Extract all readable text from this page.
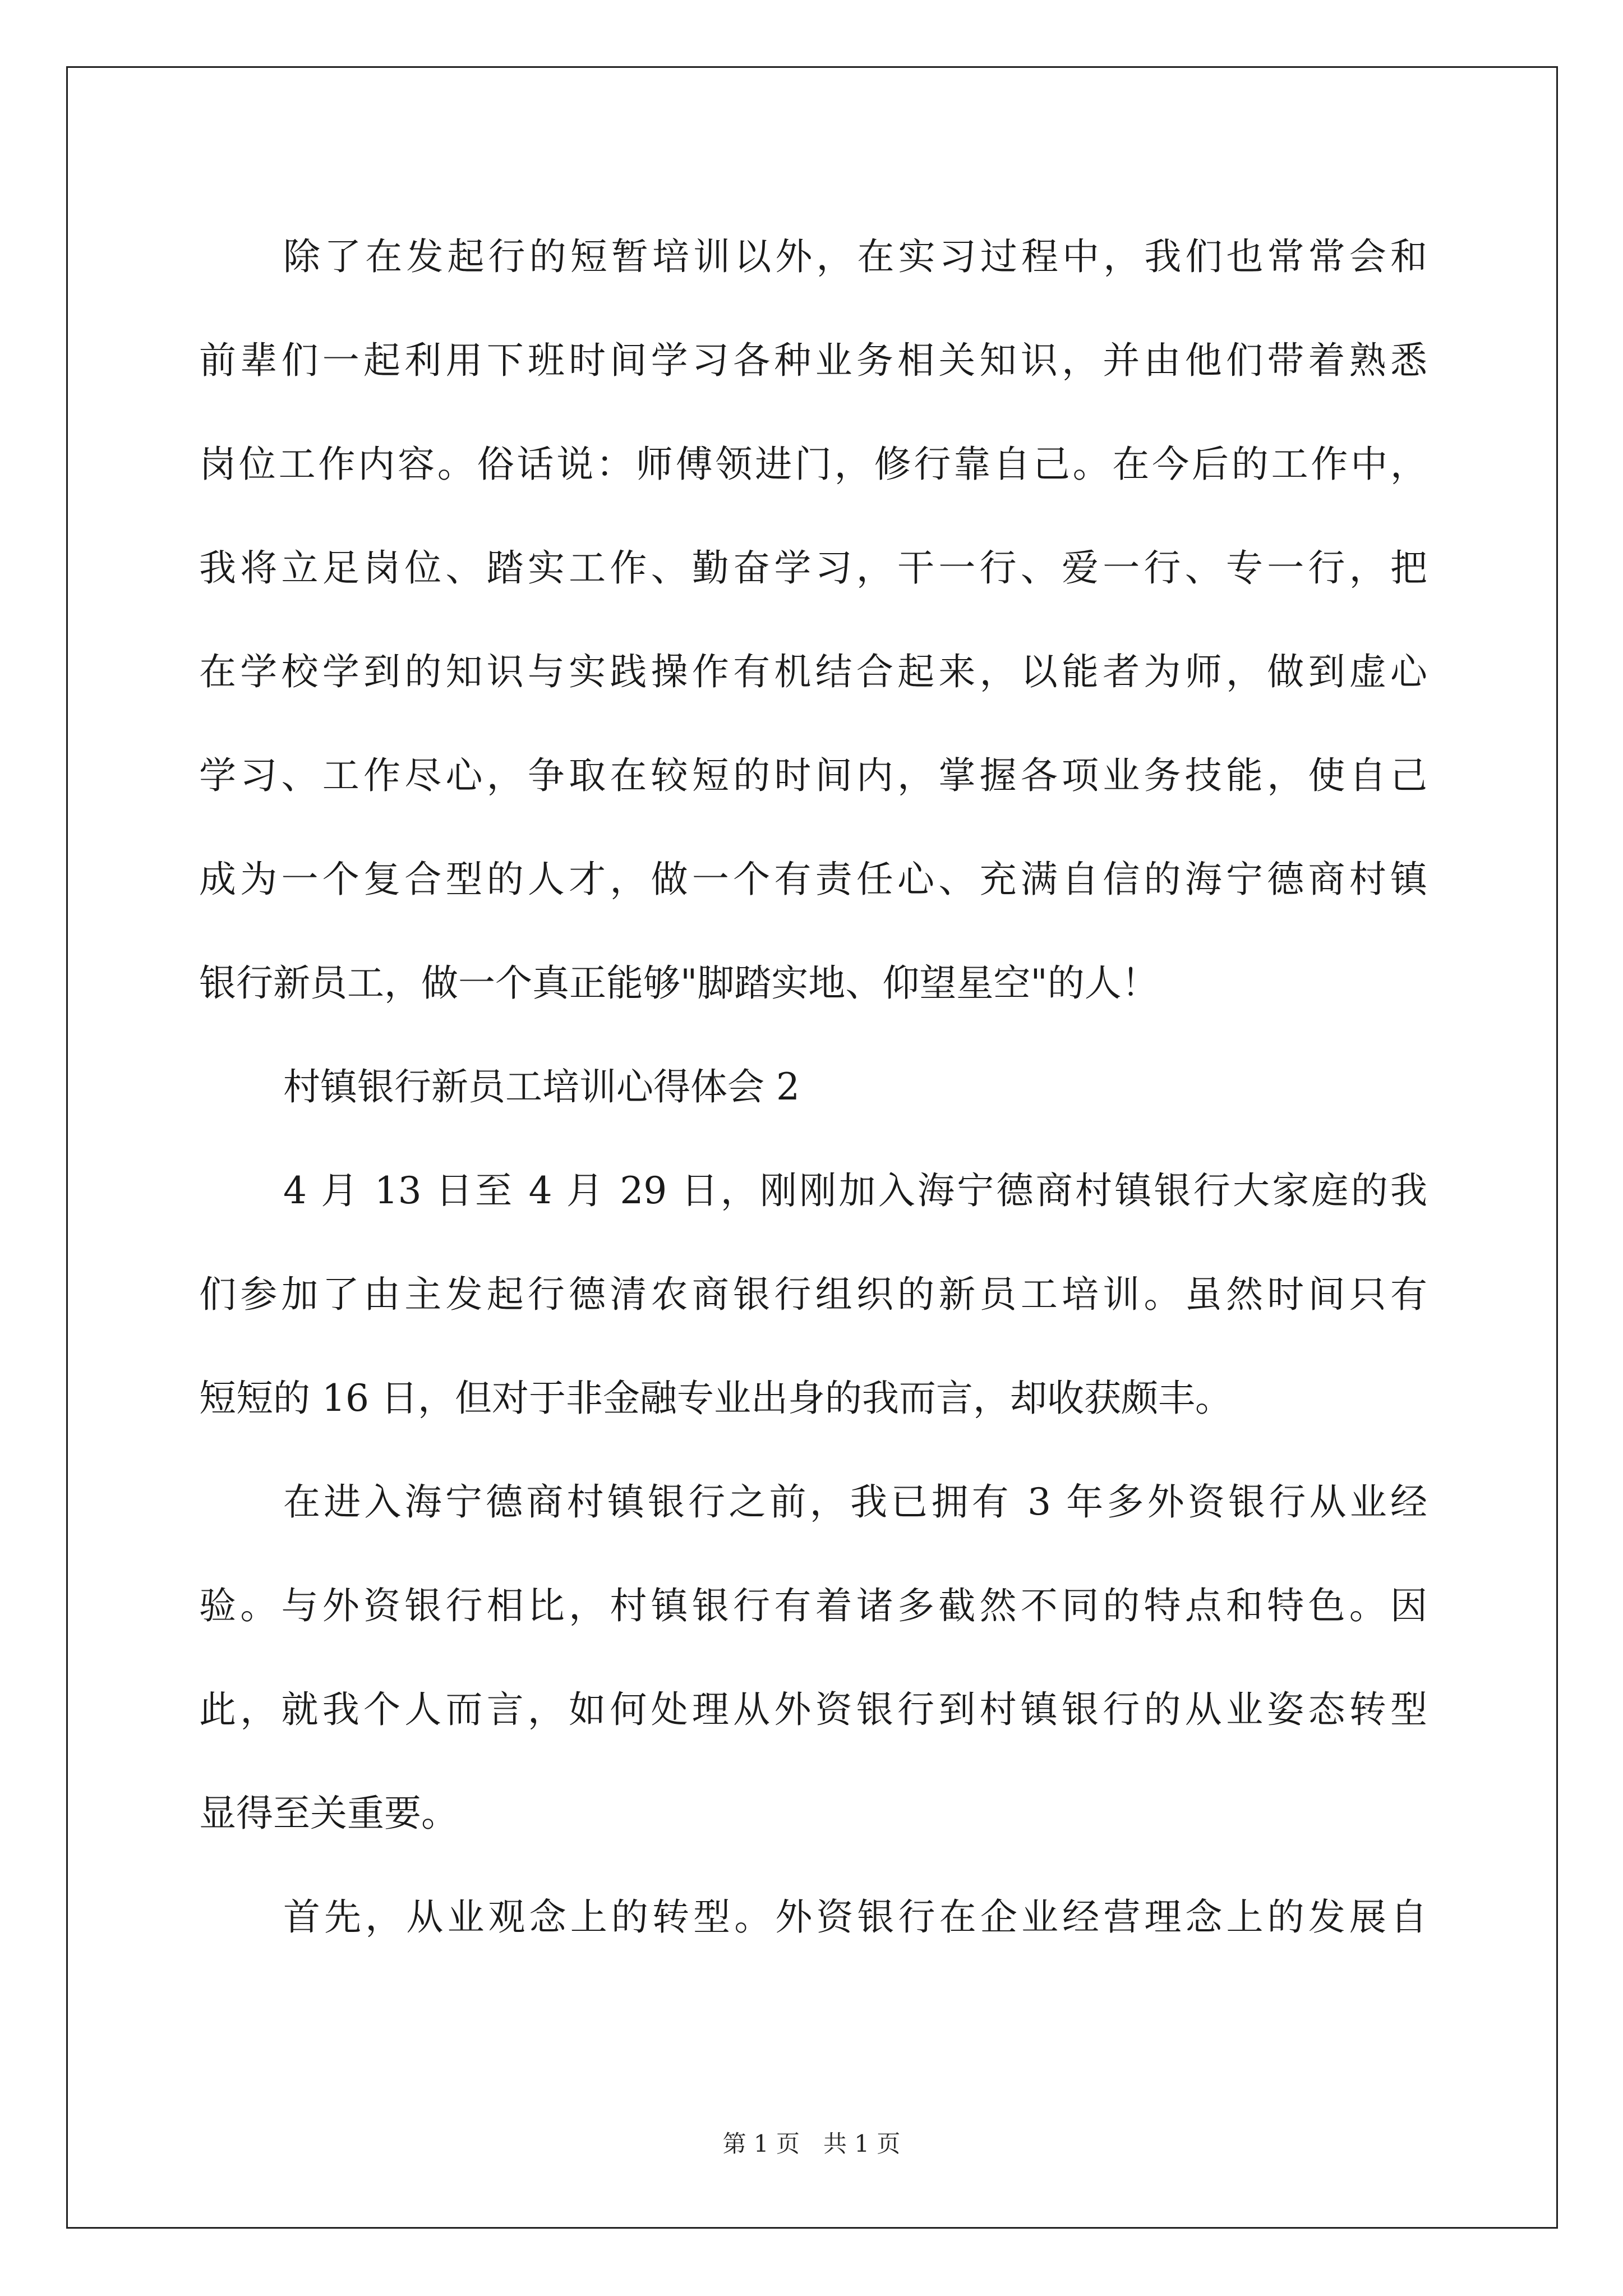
除了在发起行的短暂培训以外，在实习过程中，我们也常常会和
前辈们一起利用下班时间学习各种业务相关知识，并由他们带着熟悉
岗位工作内容。俗话说：师傅领进门，修行靠自己。在今后的工作中，
我将立足岗位、踏实工作、勤奋学习，干一行、爱一行、专一行，把
在学校学到的知识与实践操作有机结合起来，以能者为师，做到虚心
学习、工作尽心，争取在较短的时间内，掌握各项业务技能，使自己
成为一个复合型的人才，做一个有责任心、充满自信的海宁德商村镇
银行新员工，做一个真正能够"脚踏实地、仰望星空"的人！
村镇银行新员工培训心得体会 2
4 月 13 日至 4 月 29 日，刚刚加入海宁德商村镇银行大家庭的我
们参加了由主发起行德清农商银行组织的新员工培训。虽然时间只有
短短的 16 日，但对于非金融专业出身的我而言，却收获颇丰。
在进入海宁德商村镇银行之前，我已拥有 3 年多外资银行从业经
验。与外资银行相比，村镇银行有着诸多截然不同的特点和特色。因
此，就我个人而言，如何处理从外资银行到村镇银行的从业姿态转型
显得至关重要。
首先，从业观念上的转型。外资银行在企业经营理念上的发展自
第 1 页　共 1 页
